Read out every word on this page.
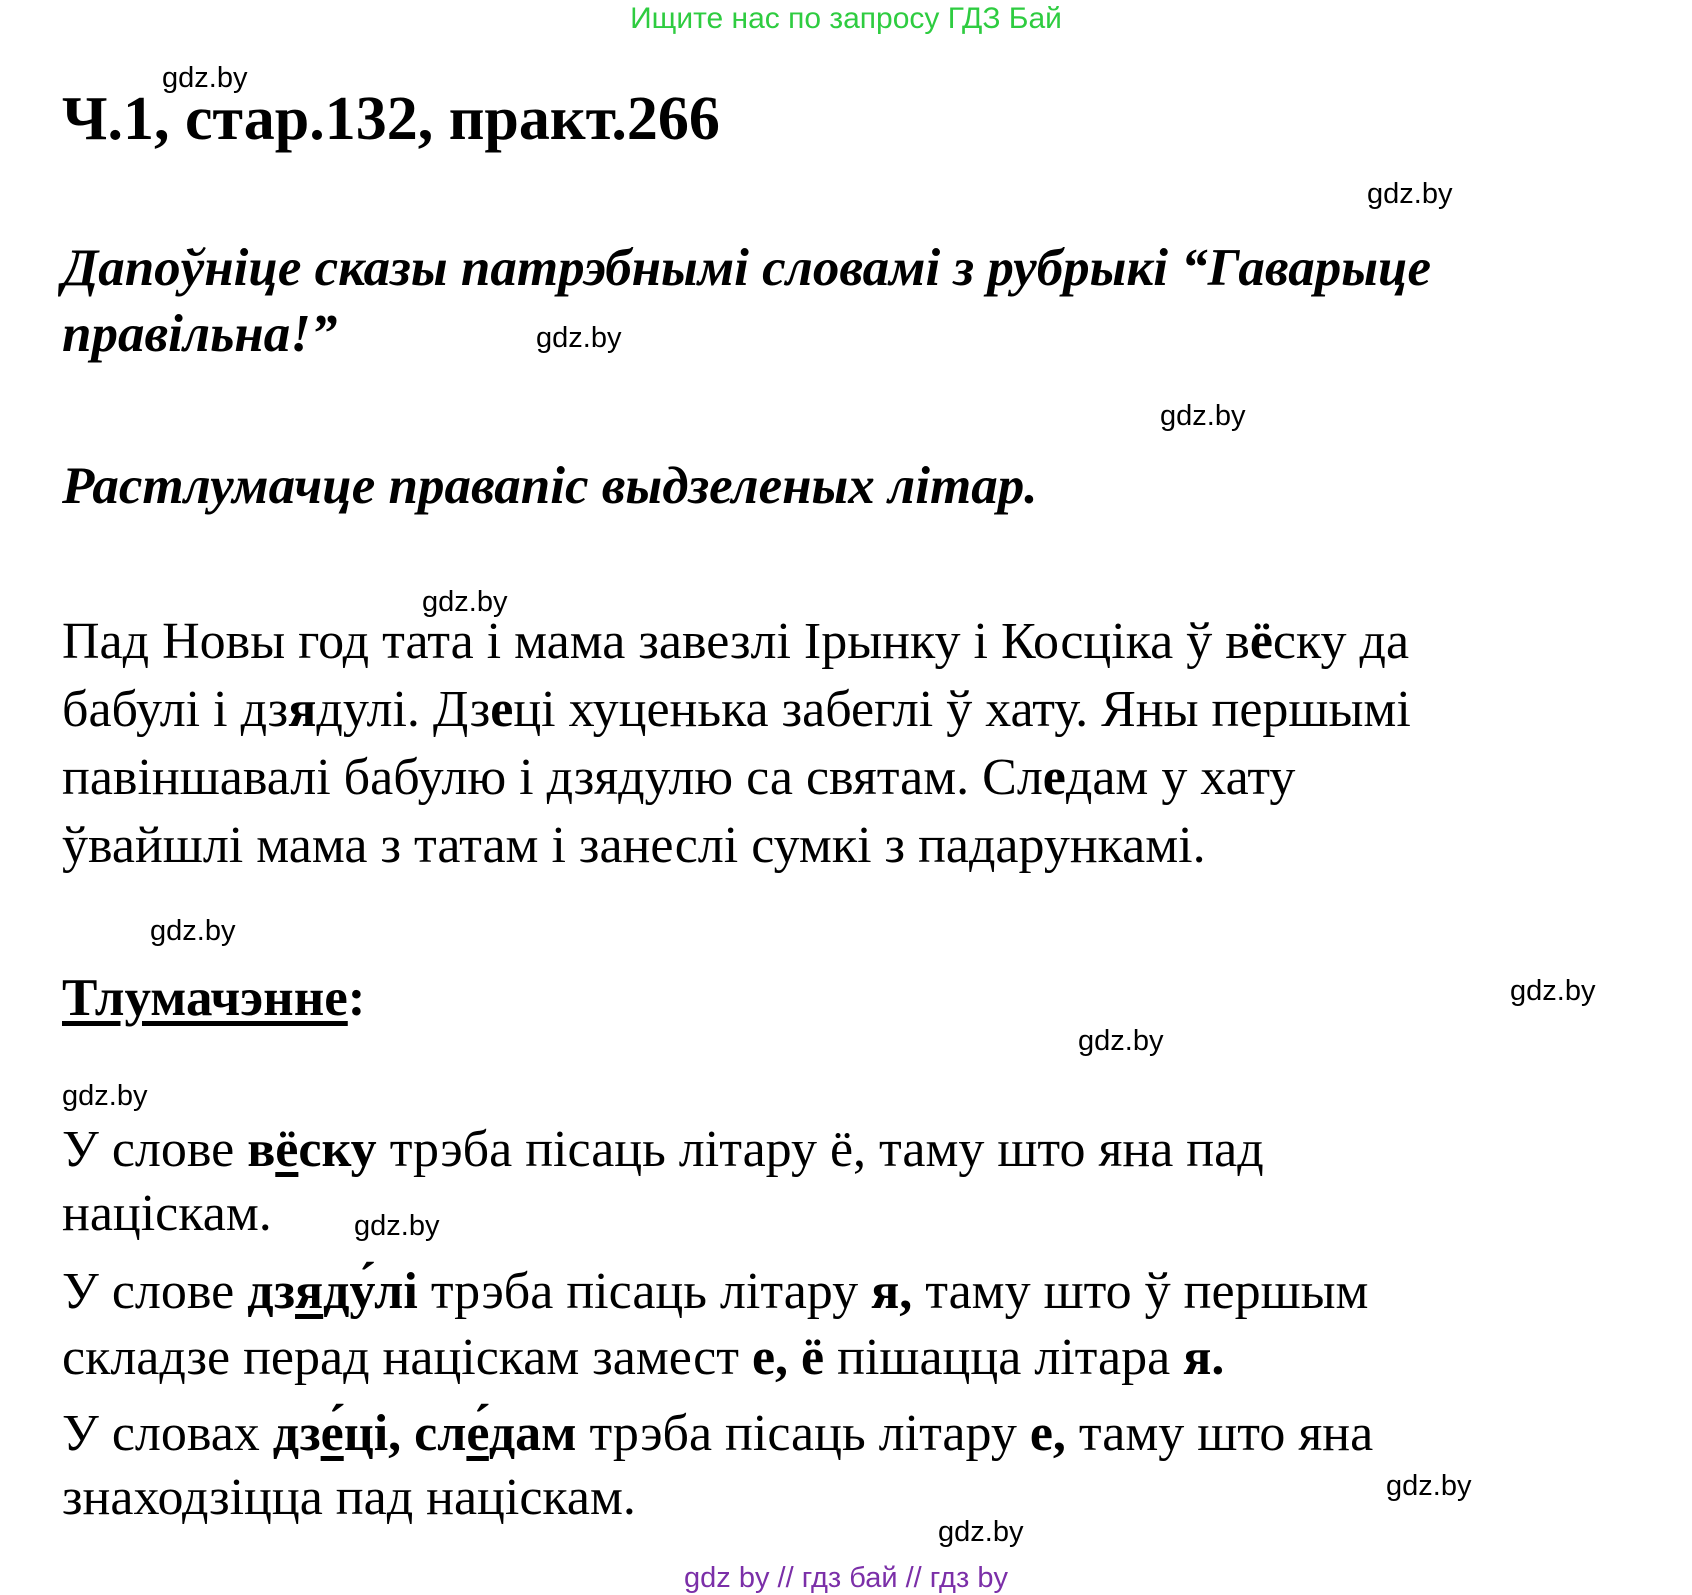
Ищите нас по запросу ГДЗ Бай
gdz.by
gdz.by
gdz.by
gdz.by
gdz.by
gdz.by
gdz.by
gdz.by
gdz.by
gdz.by
gdz.by
gdz.by
Ч.1, стар.132, практ.266
Дапоўніце сказы патрэбнымі словамі з рубрыкі “Гаварыце
правільна!”
Растлумачце правапіс выдзеленых літар.
Пад Новы год тата і мама завезлі Ірынку і Косціка ў вёску да
бабулі і дзядулі. Дзеці хуценька забеглі ў хату. Яны першымі
павіншавалі бабулю і дзядулю са святам. Следам у хату
ўвайшлі мама з татам і занеслі сумкі з падарункамі.
Тлумачэнне:
У слове вёску трэба пісаць літару ё, таму што яна пад
націскам.
У слове дзяду́лі трэба пісаць літару я, таму што ў першым
складзе перад націскам замест е, ё пішацца літара я.
У словах дзе́ці, сле́дам трэба пісаць літару е, таму што яна
знаходзіцца пад націскам.
gdz by // гдз бай // гдз by
